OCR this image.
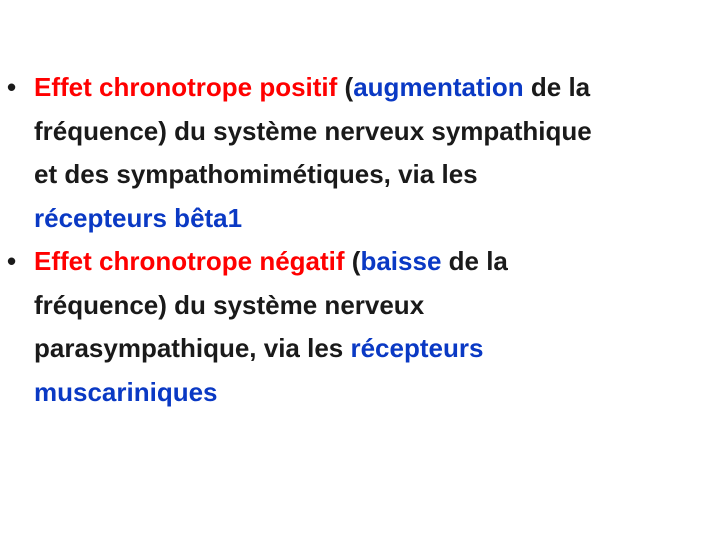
• Effet chronotrope positif (augmentation de la
fréquence) du système nerveux sympathique
et des sympathomimétiques, via les
récepteurs bêta1
• Effet chronotrope négatif (baisse de la
fréquence) du système nerveux
parasympathique, via les récepteurs
muscariniques
